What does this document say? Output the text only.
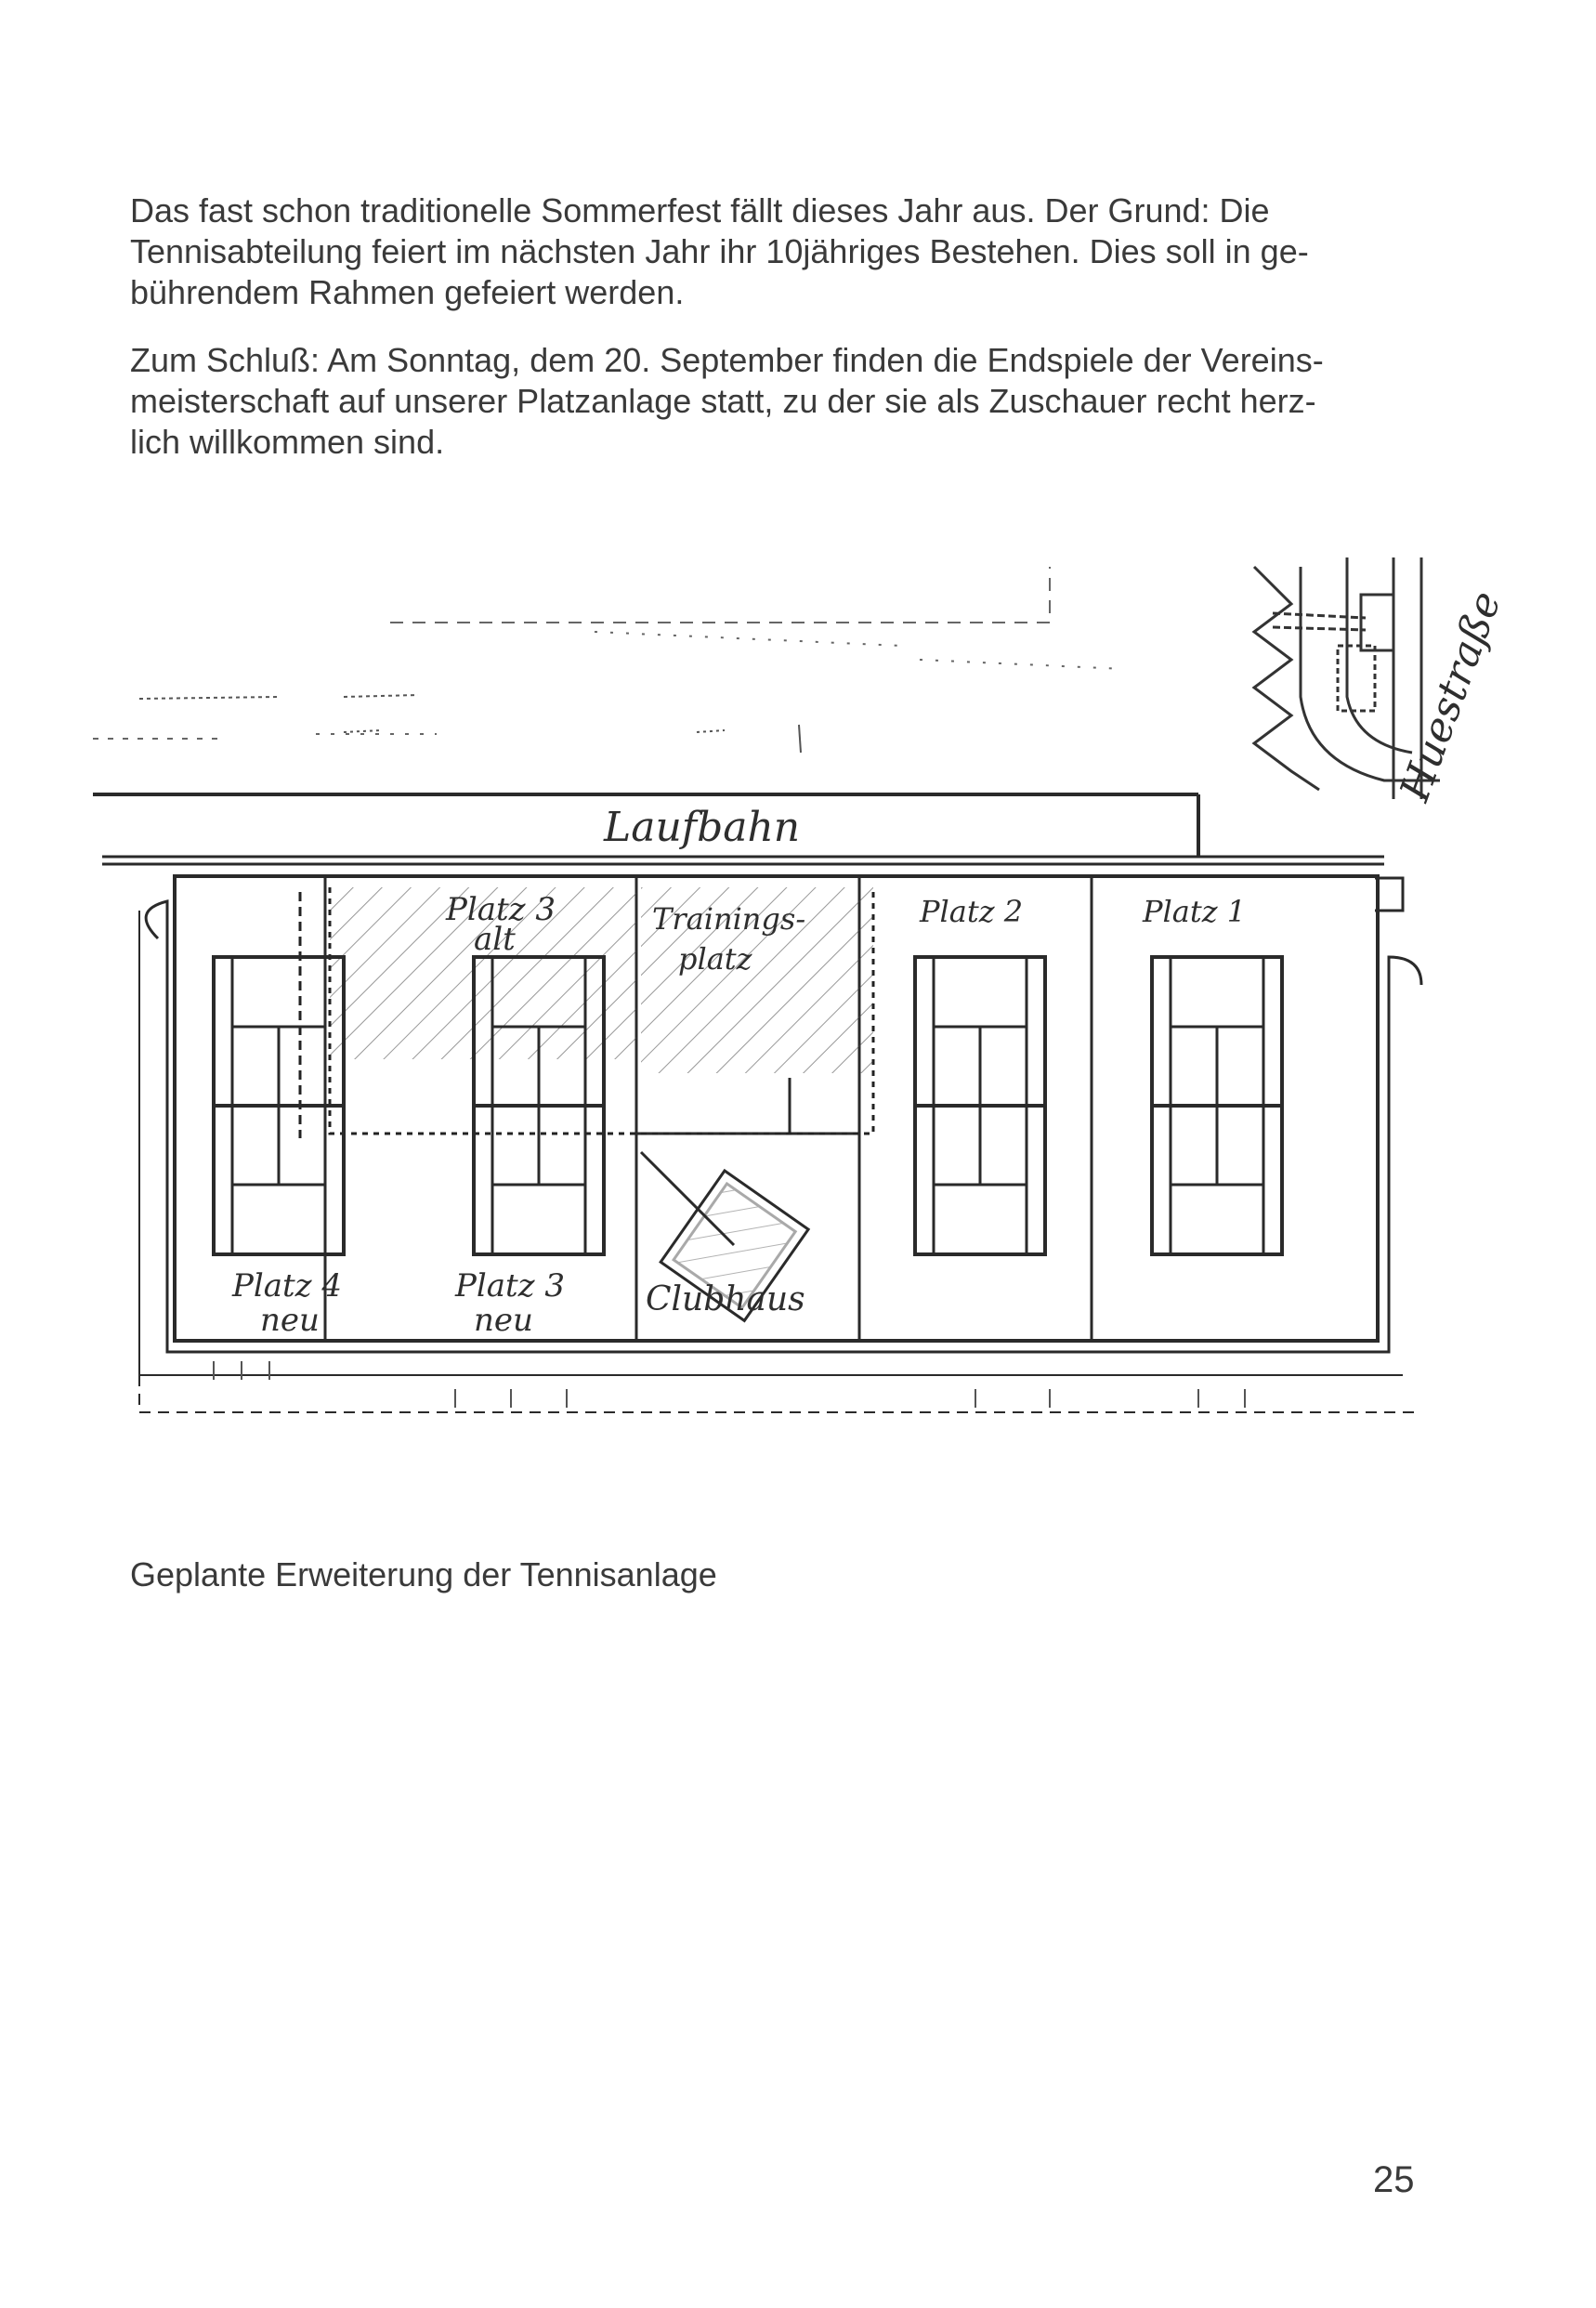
Das fast schon traditionelle Sommerfest fällt dieses Jahr aus. Der Grund: Die
Tennisabteilung feiert im nächsten Jahr ihr 10jähriges Bestehen. Dies soll in ge-
bührendem Rahmen gefeiert werden.
Zum Schluß: Am Sonntag, dem 20. September finden die Endspiele der Vereins-
meisterschaft auf unserer Platzanlage statt, zu der sie als Zuschauer recht herz-
lich willkommen sind.
Laufbahn
Huestraße
Platz 3
alt
Trainings-
platz
Platz 2	Platz 1
Platz 4
neu
Platz 3
neu
Clubhaus

Geplante Erweiterung der Tennisanlage

25
